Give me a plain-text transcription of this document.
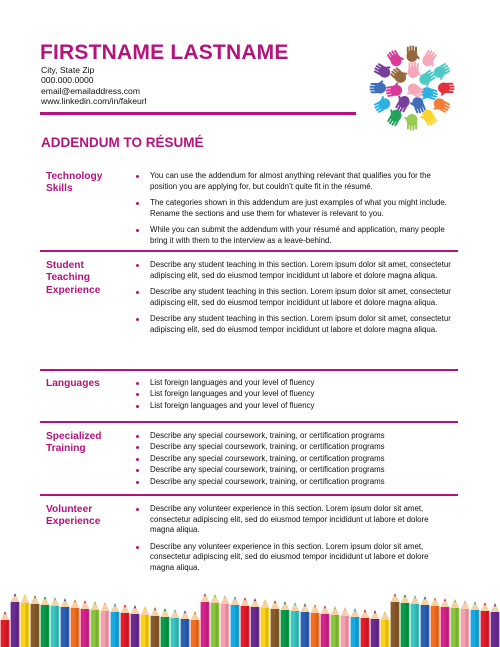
FIRSTNAME LASTNAME
City, State Zip
000.000.0000
email@emailaddress.com
www.linkedin.com/in/fakeurl
ADDENDUM TO RÉSUMÉ
Technology Skills
You can use the addendum for almost anything relevant that qualifies you for the position you are applying for, but couldn’t quite fit in the résumé.
The categories shown in this addendum are just examples of what you might include. Rename the sections and use them for whatever is relevant to you.
While you can submit the addendum with your résumé and application, many people bring it with them to the interview as a leave-behind.
Student Teaching Experience
Describe any student teaching in this section. Lorem ipsum dolor sit amet, consectetur adipiscing elit, sed do eiusmod tempor incididunt ut labore et dolore magna aliqua.
Describe any student teaching in this section. Lorem ipsum dolor sit amet, consectetur adipiscing elit, sed do eiusmod tempor incididunt ut labore et dolore magna aliqua.
Describe any student teaching in this section. Lorem ipsum dolor sit amet, consectetur adipiscing elit, sed do eiusmod tempor incididunt ut labore et dolore magna aliqua.
Languages	List foreign languages and your level of fluency
List foreign languages and your level of fluency
List foreign languages and your level of fluency
Specialized Training
Describe any special coursework, training, or certification programs
Describe any special coursework, training, or certification programs
Describe any special coursework, training, or certification programs
Describe any special coursework, training, or certification programs
Describe any special coursework, training, or certification programs
Volunteer Experience
Describe any volunteer experience in this section. Lorem ipsum dolor sit amet, consectetur adipiscing elit, sed do eiusmod tempor incididunt ut labore et dolore magna aliqua.
Describe any volunteer experience in this section. Lorem ipsum dolor sit amet, consectetur adipiscing elit, sed do eiusmod tempor incididunt ut labore et dolore magna aliqua.
